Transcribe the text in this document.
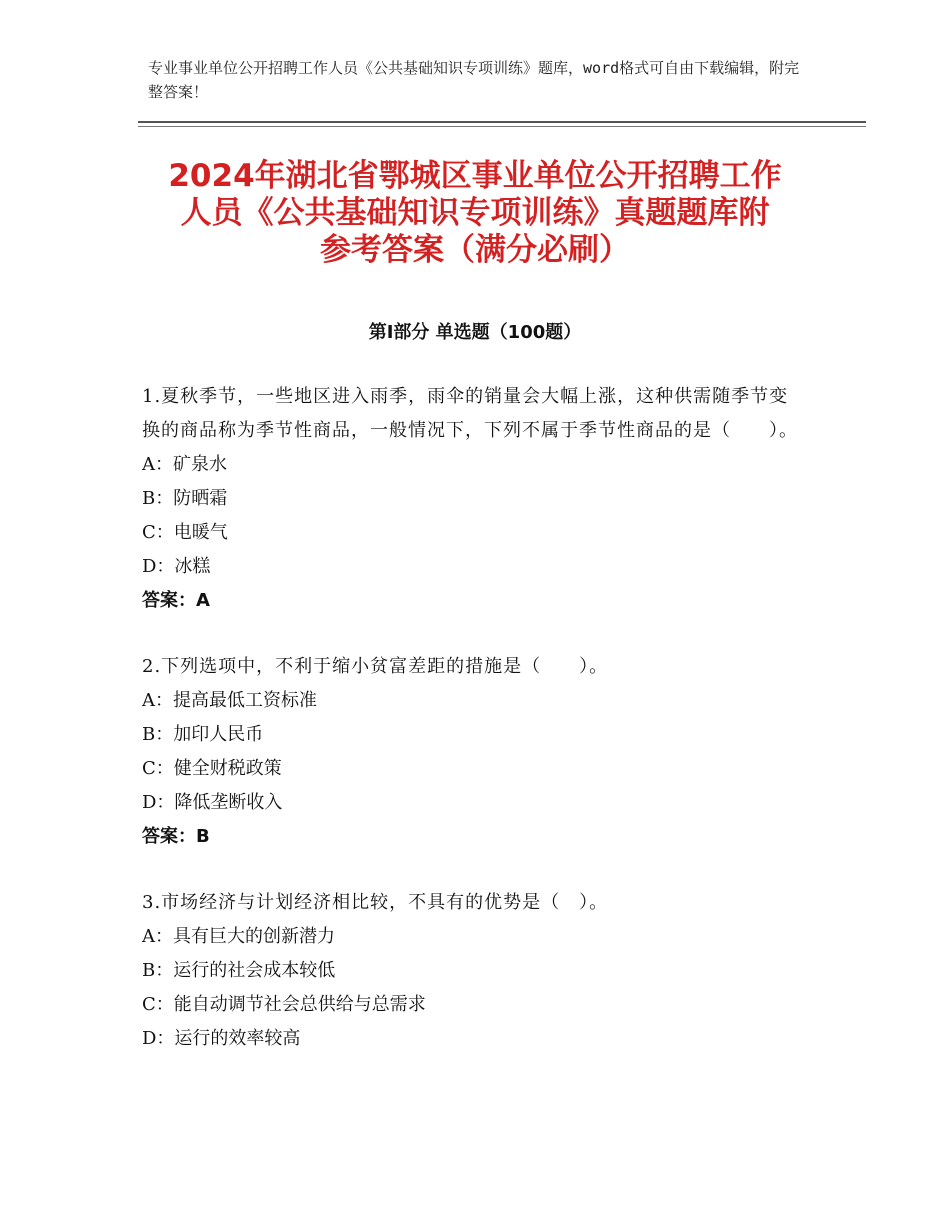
专业事业单位公开招聘工作人员《公共基础知识专项训练》题库，word格式可自由下载编辑，附完整答案！
2024年湖北省鄂城区事业单位公开招聘工作
人员《公共基础知识专项训练》真题题库附
参考答案（满分必刷）
第Ⅰ部分 单选题（100题）
1.夏秋季节，一些地区进入雨季，雨伞的销量会大幅上涨，这种供需随季节变换的商品称为季节性商品，一般情况下，下列不属于季节性商品的是（　　）。
A：矿泉水
B：防晒霜
C：电暖气
D：冰糕
答案：A
2.下列选项中，不利于缩小贫富差距的措施是（　　）。
A：提高最低工资标准
B：加印人民币
C：健全财税政策
D：降低垄断收入
答案：B
3.市场经济与计划经济相比较，不具有的优势是（　）。
A：具有巨大的创新潜力
B：运行的社会成本较低
C：能自动调节社会总供给与总需求
D：运行的效率较高
